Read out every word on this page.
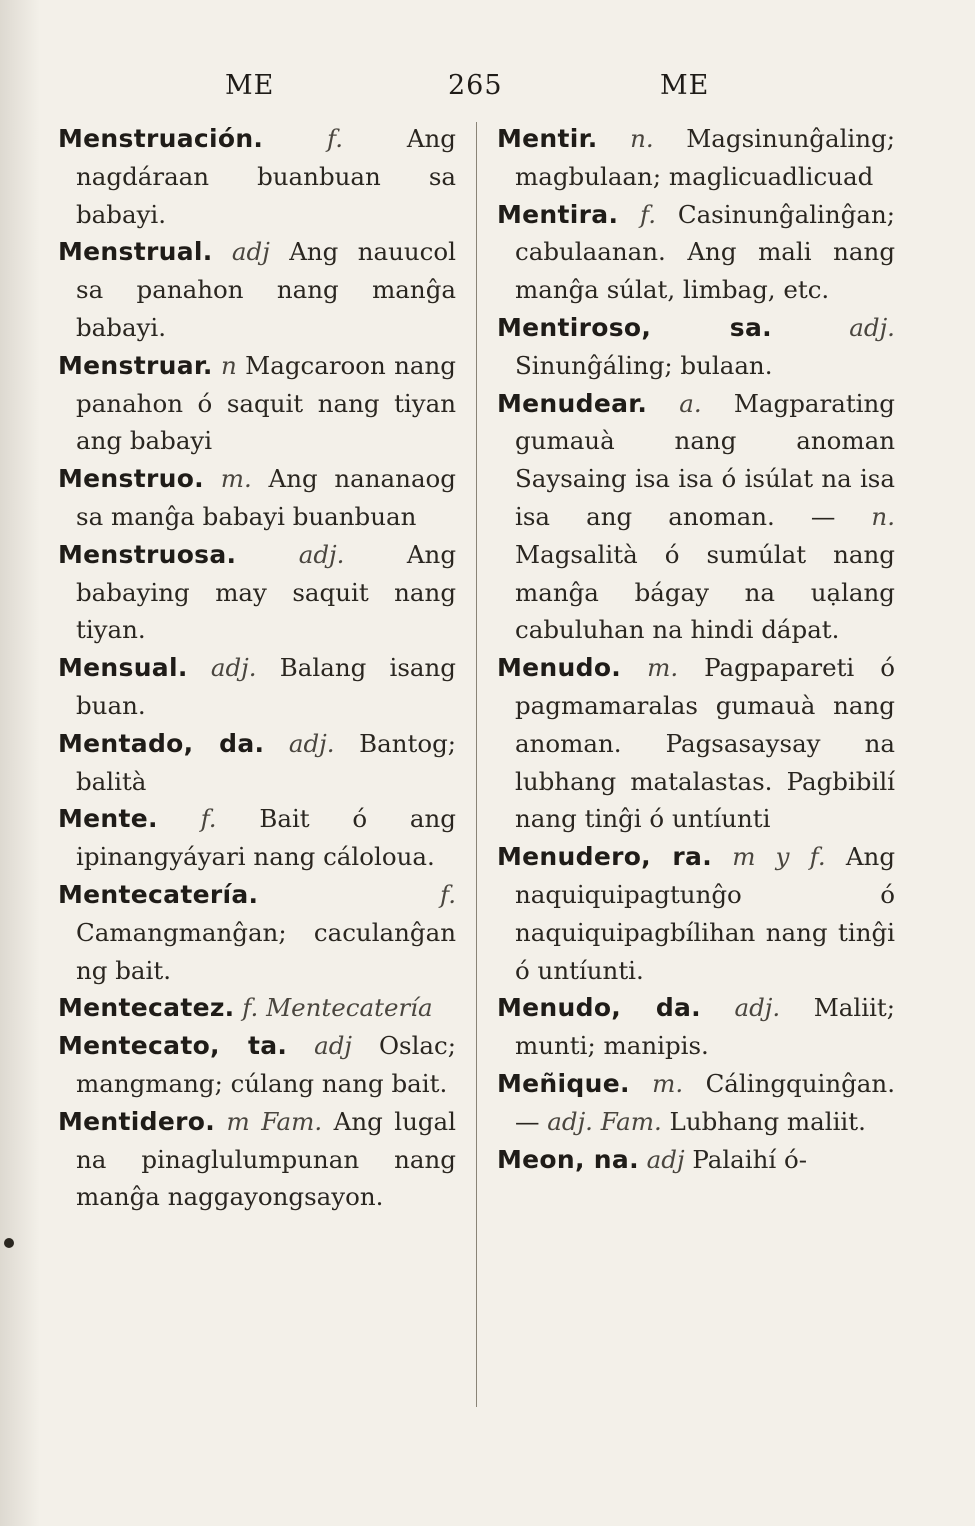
ME	265	ME

Menstruación.	f.	Ang nagdáraan buanbuan sa babayi.

Menstrual. adj Ang nauucol sa panahon nang manĝa babayi.

Menstruar. n Magcaroon nang panahon ó saquit nang tiyan ang babayi

Menstruo. m. Ang nananaog sa manĝa babayi buanbuan

Menstruosa.	adj.	Ang babaying may saquit nang tiyan.

Mensual. adj. Balang isang buan.

Mentado, da. adj. Bantog; balità

Mente. f. Bait ó ang ipinangyáyari nang cáloloua.

Mentecatería.	f. Camangmanĝan; caculanĝan ng bait.

Mentecatez. f. Mentecatería

Mentecato, ta. adj Oslac; mangmang; cúlang nang bait.

Mentidero. m Fam. Ang lugal na pinaglulumpunan nang manĝa naggayongsayon.

Mentir. n. Magsinunĝaling; magbulaan; maglicuadlicuad

Mentira. f. Casinunĝalinĝan; cabulaanan. Ang mali nang manĝa súlat, limbag, etc.

Mentiroso, sa.	adj. Sinunĝáling; bulaan.

Menudear. a. Magparating gumauà nang anoman Saysaing isa isa ó isúlat na isa isa ang anoman. — n. Magsalità ó sumúlat nang manĝa bágay na uạlang cabuluhan na hindi dápat.

Menudo. m. Pagpapareti ó pagmamaralas gumauà nang anoman. Pagsasaysay na lubhang matalastas. Pagbibilí nang tinĝi ó untíunti

Menudero, ra. m y f. Ang naquiquipagtunĝo ó naquiquipagbílihan nang tinĝi ó untíunti.

Menudo, da. adj. Maliit; munti; manipis.

Meñique. m. Cálingquinĝan. — adj. Fam. Lubhang maliit.

Meon, na. adj Palaihí ó-
